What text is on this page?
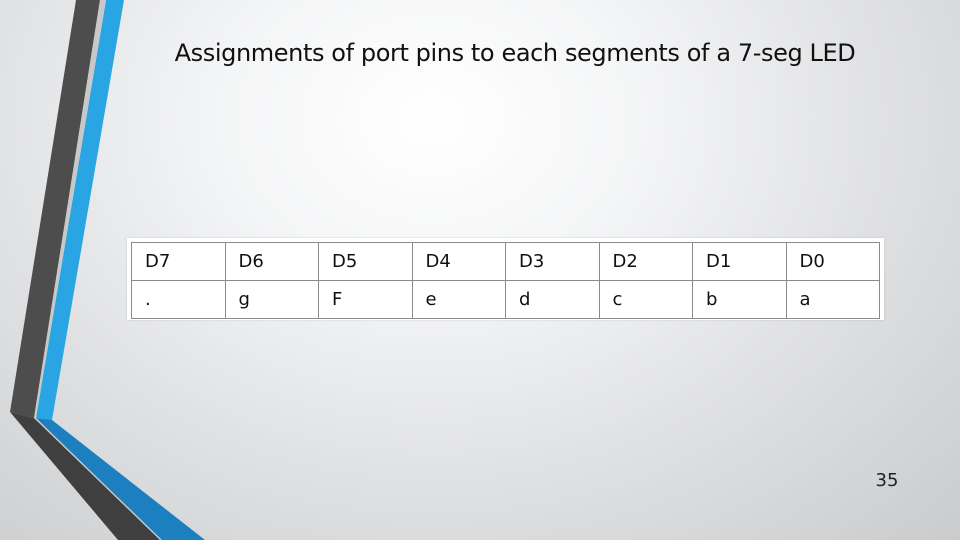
Assignments of port pins to each segments of a 7-seg LED
D7	D6	D5	D4	D3	D2	D1	D0
.	g	F	e	d	c	b	a
35
